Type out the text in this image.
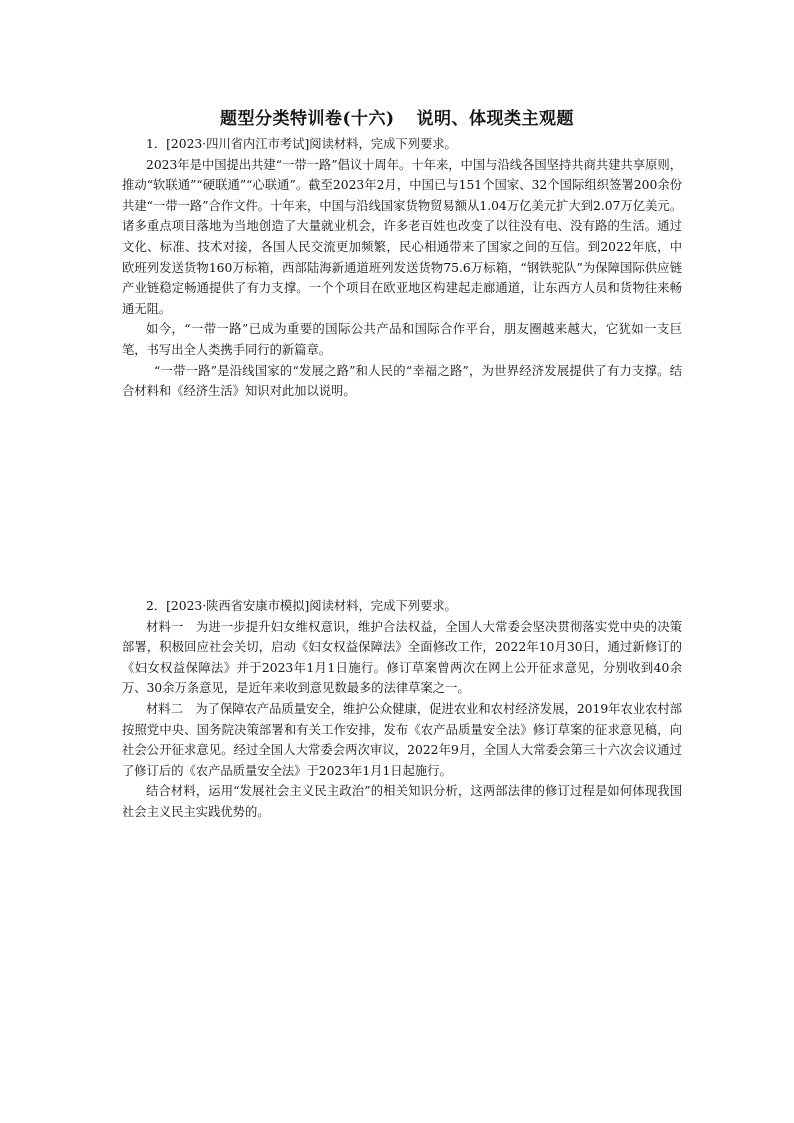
题型分类特训卷(十六) 说明、体现类主观题

1．[2023·四川省内江市考试]阅读材料，完成下列要求。

2023年是中国提出共建“一带一路”倡议十周年。十年来，中国与沿线各国坚持共商共建共享原则，推动“软联通”“硬联通”“心联通”。截至2023年2月，中国已与151个国家、32个国际组织签署200余份共建“一带一路”合作文件。十年来，中国与沿线国家货物贸易额从1.04万亿美元扩大到2.07万亿美元。诸多重点项目落地为当地创造了大量就业机会，许多老百姓也改变了以往没有电、没有路的生活。通过文化、标准、技术对接，各国人民交流更加频繁，民心相通带来了国家之间的互信。到2022年底，中欧班列发送货物160万标箱，西部陆海新通道班列发送货物75.6万标箱，“钢铁驼队”为保障国际供应链产业链稳定畅通提供了有力支撑。一个个项目在欧亚地区构建起走廊通道，让东西方人员和货物往来畅通无阻。

如今，“一带一路”已成为重要的国际公共产品和国际合作平台，朋友圈越来越大，它犹如一支巨笔，书写出全人类携手同行的新篇章。

“一带一路”是沿线国家的“发展之路”和人民的“幸福之路”，为世界经济发展提供了有力支撑。结合材料和《经济生活》知识对此加以说明。

2．[2023·陕西省安康市模拟]阅读材料，完成下列要求。

材料一　为进一步提升妇女维权意识，维护合法权益，全国人大常委会坚决贯彻落实党中央的决策部署，积极回应社会关切，启动《妇女权益保障法》全面修改工作，2022年10月30日，通过新修订的《妇女权益保障法》并于2023年1月1日施行。修订草案曾两次在网上公开征求意见，分别收到40余万、30余万条意见，是近年来收到意见数最多的法律草案之一。

材料二　为了保障农产品质量安全，维护公众健康，促进农业和农村经济发展，2019年农业农村部按照党中央、国务院决策部署和有关工作安排，发布《农产品质量安全法》修订草案的征求意见稿，向社会公开征求意见。经过全国人大常委会两次审议，2022年9月，全国人大常委会第三十六次会议通过了修订后的《农产品质量安全法》于2023年1月1日起施行。

结合材料，运用“发展社会主义民主政治”的相关知识分析，这两部法律的修订过程是如何体现我国社会主义民主实践优势的。
